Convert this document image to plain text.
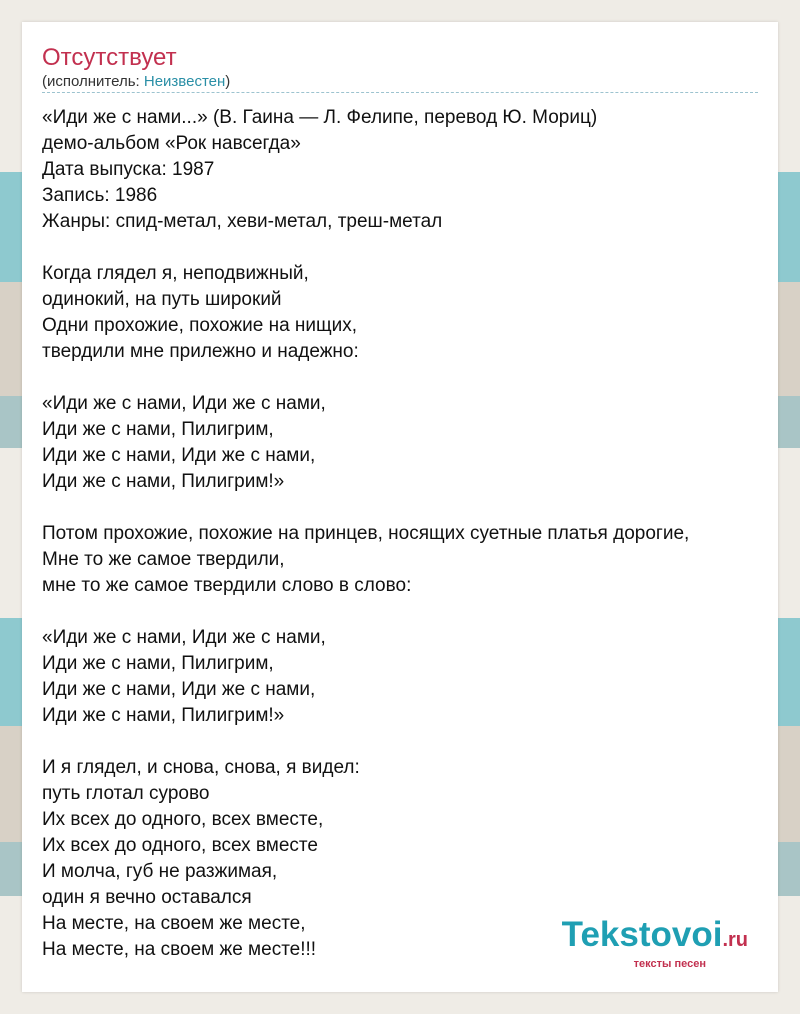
Отсутствует
(исполнитель: Неизвестен)
«Иди же с нами...» (В. Гаина — Л. Фелипе, перевод Ю. Мориц)
демо-альбом «Рок навсегда»
Дата выпуска: 1987
Запись: 1986
Жанры: спид-метал, хеви-метал, треш-метал
Когда глядел я, неподвижный,
одинокий, на путь широкий
Одни прохожие, похожие на нищих,
твердили мне прилежно и надежно:
«Иди же с нами, Иди же с нами,
Иди же с нами, Пилигрим,
Иди же с нами, Иди же с нами,
Иди же с нами, Пилигрим!»
Потом прохожие, похожие на принцев, носящих суетные платья дорогие,
Мне то же самое твердили,
мне то же самое твердили слово в слово:
«Иди же с нами, Иди же с нами,
Иди же с нами, Пилигрим,
Иди же с нами, Иди же с нами,
Иди же с нами, Пилигрим!»
И я глядел, и снова, снова, я видел:
путь глотал сурово
Их всех до одного, всех вместе,
Их всех до одного, всех вместе
И молча, губ не разжимая,
один я вечно оставался
На месте, на своем же месте,
На месте, на своем же месте!!!	Tekstovoi.ru
тексты песен
